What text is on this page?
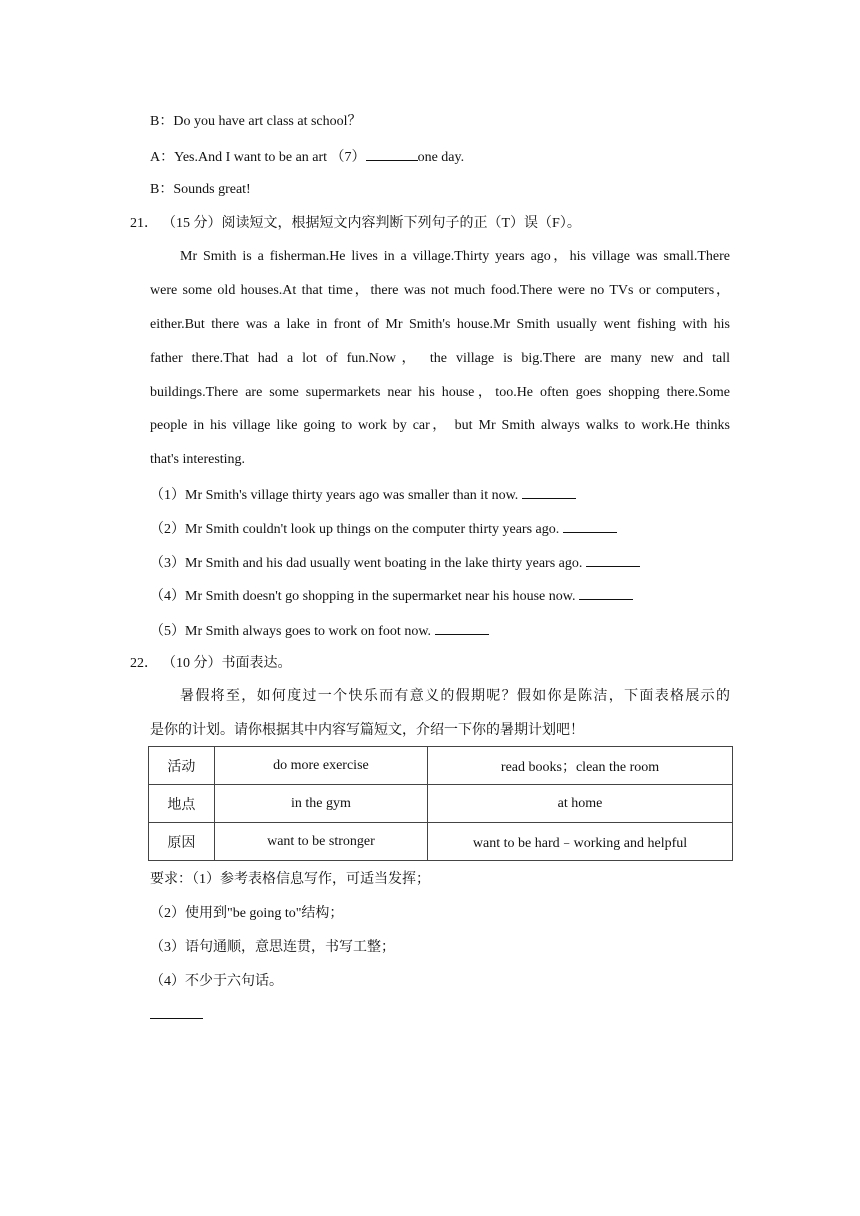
B：Do you have art class at school？
A：Yes.And I want to be an art （7）	one day.
B：Sounds great!
21． （15 分）阅读短文，根据短文内容判断下列句子的正（T）误（F）。
Mr Smith is a fisherman.He lives in a village.Thirty years ago，his village was small.There
were some old houses.At that time，there was not much food.There were no TVs or computers，
either.But there was a lake in front of Mr Smith's house.Mr Smith usually went fishing with his
father there.That had a lot of fun.Now， the village is big.There are many new and tall
buildings.There are some supermarkets near his house，too.He often goes shopping there.Some
people in his village like going to work by car， but Mr Smith always walks to work.He thinks
that's interesting.
（1）Mr Smith's village thirty years ago was smaller than it now.
（2）Mr Smith couldn't look up things on the computer thirty years ago.
（3）Mr Smith and his dad usually went boating in the lake thirty years ago.
（4）Mr Smith doesn't go shopping in the supermarket near his house now.
（5）Mr Smith always goes to work on foot now.
22． （10 分）书面表达。
暑假将至，如何度过一个快乐而有意义的假期呢？假如你是陈洁，下面表格展示的
是你的计划。请你根据其中内容写篇短文，介绍一下你的暑期计划吧！
活动	do more exercise	read books；clean the room
地点	in the gym	at home
原因	want to be stronger	want to be hard﹣working and helpful
要求：（1）参考表格信息写作，可适当发挥；
（2）使用到"be going to"结构；
（3）语句通顺，意思连贯，书写工整；
（4）不少于六句话。
